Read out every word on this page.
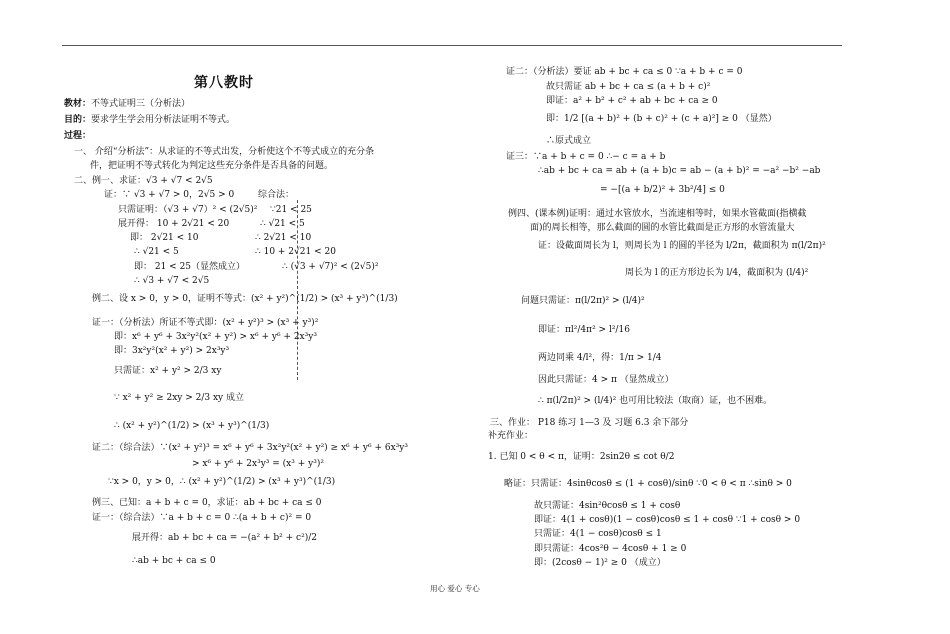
第八教时
教材：不等式证明三（分析法）
目的：要求学生学会用分析法证明不等式。
过程：
一、 介绍“分析法”：从求证的不等式出发，分析使这个不等式成立的充分条
件，把证明不等式转化为判定这些充分条件是否具备的问题。
二、例一、求证：√3 + √7 < 2√5
证：∵ √3 + √7 > 0，2√5 > 0	综合法：
只需证明：（√3 + √7）² < (2√5)² ∵21 < 25
展开得： 10 + 2√21 < 20	∴ √21 < 5
即： 2√21 < 10	∴ 2√21 < 10
∴ √21 < 5	∴ 10 + 2√21 < 20
即： 21 < 25（显然成立）	∴ (√3 + √7)² < (2√5)²
∴ √3 + √7 < 2√5
例二、设 x > 0，y > 0，证明不等式：(x² + y²)^(1/2) > (x³ + y³)^(1/3)
证一：（分析法）所证不等式即：(x² + y²)³ > (x³ + y³)²
即：x⁶ + y⁶ + 3x²y²(x² + y²) > x⁶ + y⁶ + 2x³y³
即：3x²y²(x² + y²) > 2x³y³
只需证：x² + y² > 2/3 xy
∵ x² + y² ≥ 2xy > 2/3 xy 成立
∴ (x² + y²)^(1/2) > (x³ + y³)^(1/3)
证二：（综合法）∵(x² + y²)³ = x⁶ + y⁶ + 3x²y²(x² + y²) ≥ x⁶ + y⁶ + 6x³y³
> x⁶ + y⁶ + 2x³y³ = (x³ + y³)²
∵x > 0，y > 0，∴ (x² + y²)^(1/2) > (x³ + y³)^(1/3)
例三、已知：a + b + c = 0，求证：ab + bc + ca ≤ 0
证一：（综合法）∵a + b + c = 0 ∴(a + b + c)² = 0
展开得：ab + bc + ca = −(a² + b² + c²)/2
∴ab + bc + ca ≤ 0
证二：（分析法）要证 ab + bc + ca ≤ 0 ∵a + b + c = 0
故只需证 ab + bc + ca ≤ (a + b + c)²
即证：a² + b² + c² + ab + bc + ca ≥ 0
即：1/2 [(a + b)² + (b + c)² + (c + a)²] ≥ 0 （显然）
∴原式成立
证三：∵a + b + c = 0 ∴− c = a + b
∴ab + bc + ca = ab + (a + b)c = ab − (a + b)² = −a² −b² −ab
= −[(a + b/2)² + 3b²/4] ≤ 0
例四、(课本例)证明：通过水管放水，当流速相等时，如果水管截面(指横截
面)的周长相等，那么截面的圆的水管比截面是正方形的水管流量大
证：设截面周长为 l，则周长为 l 的圆的半径为 l/2π，截面积为 π(l/2π)²
周长为 l 的正方形边长为 l/4，截面积为 (l/4)²
问题只需证：π(l/2π)² > (l/4)²
即证：πl²/4π² > l²/16
两边同乘 4/l²，得：1/π > 1/4
因此只需证：4 > π （显然成立）
∴ π(l/2π)² > (l/4)² 也可用比较法（取商）证，也不困难。
三、作业： P18 练习 1—3 及 习题 6.3 余下部分
补充作业：
1. 已知 0 < θ < π，证明：2sin2θ ≤ cot θ/2
略证：只需证：4sinθcosθ ≤ (1 + cosθ)/sinθ ∵0 < θ < π ∴sinθ > 0
故只需证：4sin²θcosθ ≤ 1 + cosθ
即证：4(1 + cosθ)(1 − cosθ)cosθ ≤ 1 + cosθ ∵1 + cosθ > 0
只需证：4(1 − cosθ)cosθ ≤ 1
即只需证：4cos²θ − 4cosθ + 1 ≥ 0
即：(2cosθ − 1)² ≥ 0 （成立）
用心 爱心 专心
